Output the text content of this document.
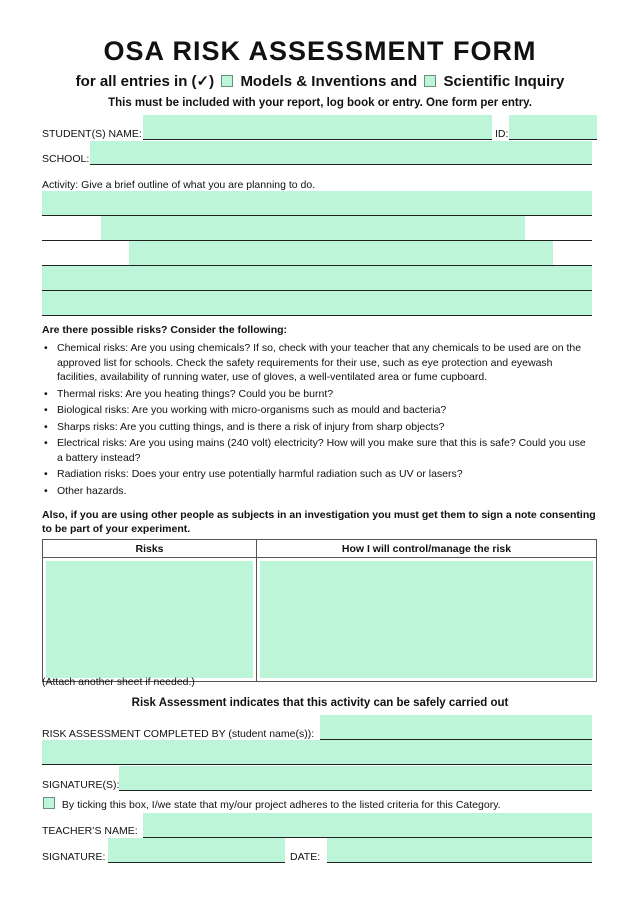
OSA RISK ASSESSMENT FORM
for all entries in (✓) Models & Inventions and Scientific Inquiry
This must be included with your report, log book or entry. One form per entry.
STUDENT(S) NAME:	ID:
SCHOOL:
Activity: Give a brief outline of what you are planning to do.
Are there possible risks? Consider the following:
• Chemical risks: Are you using chemicals? If so, check with your teacher that any chemicals to be used are on the approved list for schools. Check the safety requirements for their use, such as eye protection and eyewash facilities, availability of running water, use of gloves, a well-ventilated area or fume cupboard.
• Thermal risks: Are you heating things? Could you be burnt?
• Biological risks: Are you working with micro-organisms such as mould and bacteria?
• Sharps risks: Are you cutting things, and is there a risk of injury from sharp objects?
• Electrical risks: Are you using mains (240 volt) electricity? How will you make sure that this is safe? Could you use a battery instead?
• Radiation risks: Does your entry use potentially harmful radiation such as UV or lasers?
• Other hazards.
Also, if you are using other people as subjects in an investigation you must get them to sign a note consenting to be part of your experiment.
Risks	How I will control/manage the risk

(Attach another sheet if needed.)
Risk Assessment indicates that this activity can be safely carried out
RISK ASSESSMENT COMPLETED BY (student name(s)):
SIGNATURE(S):
By ticking this box, I/we state that my/our project adheres to the listed criteria for this Category.
TEACHER’S NAME:
SIGNATURE:	DATE:
